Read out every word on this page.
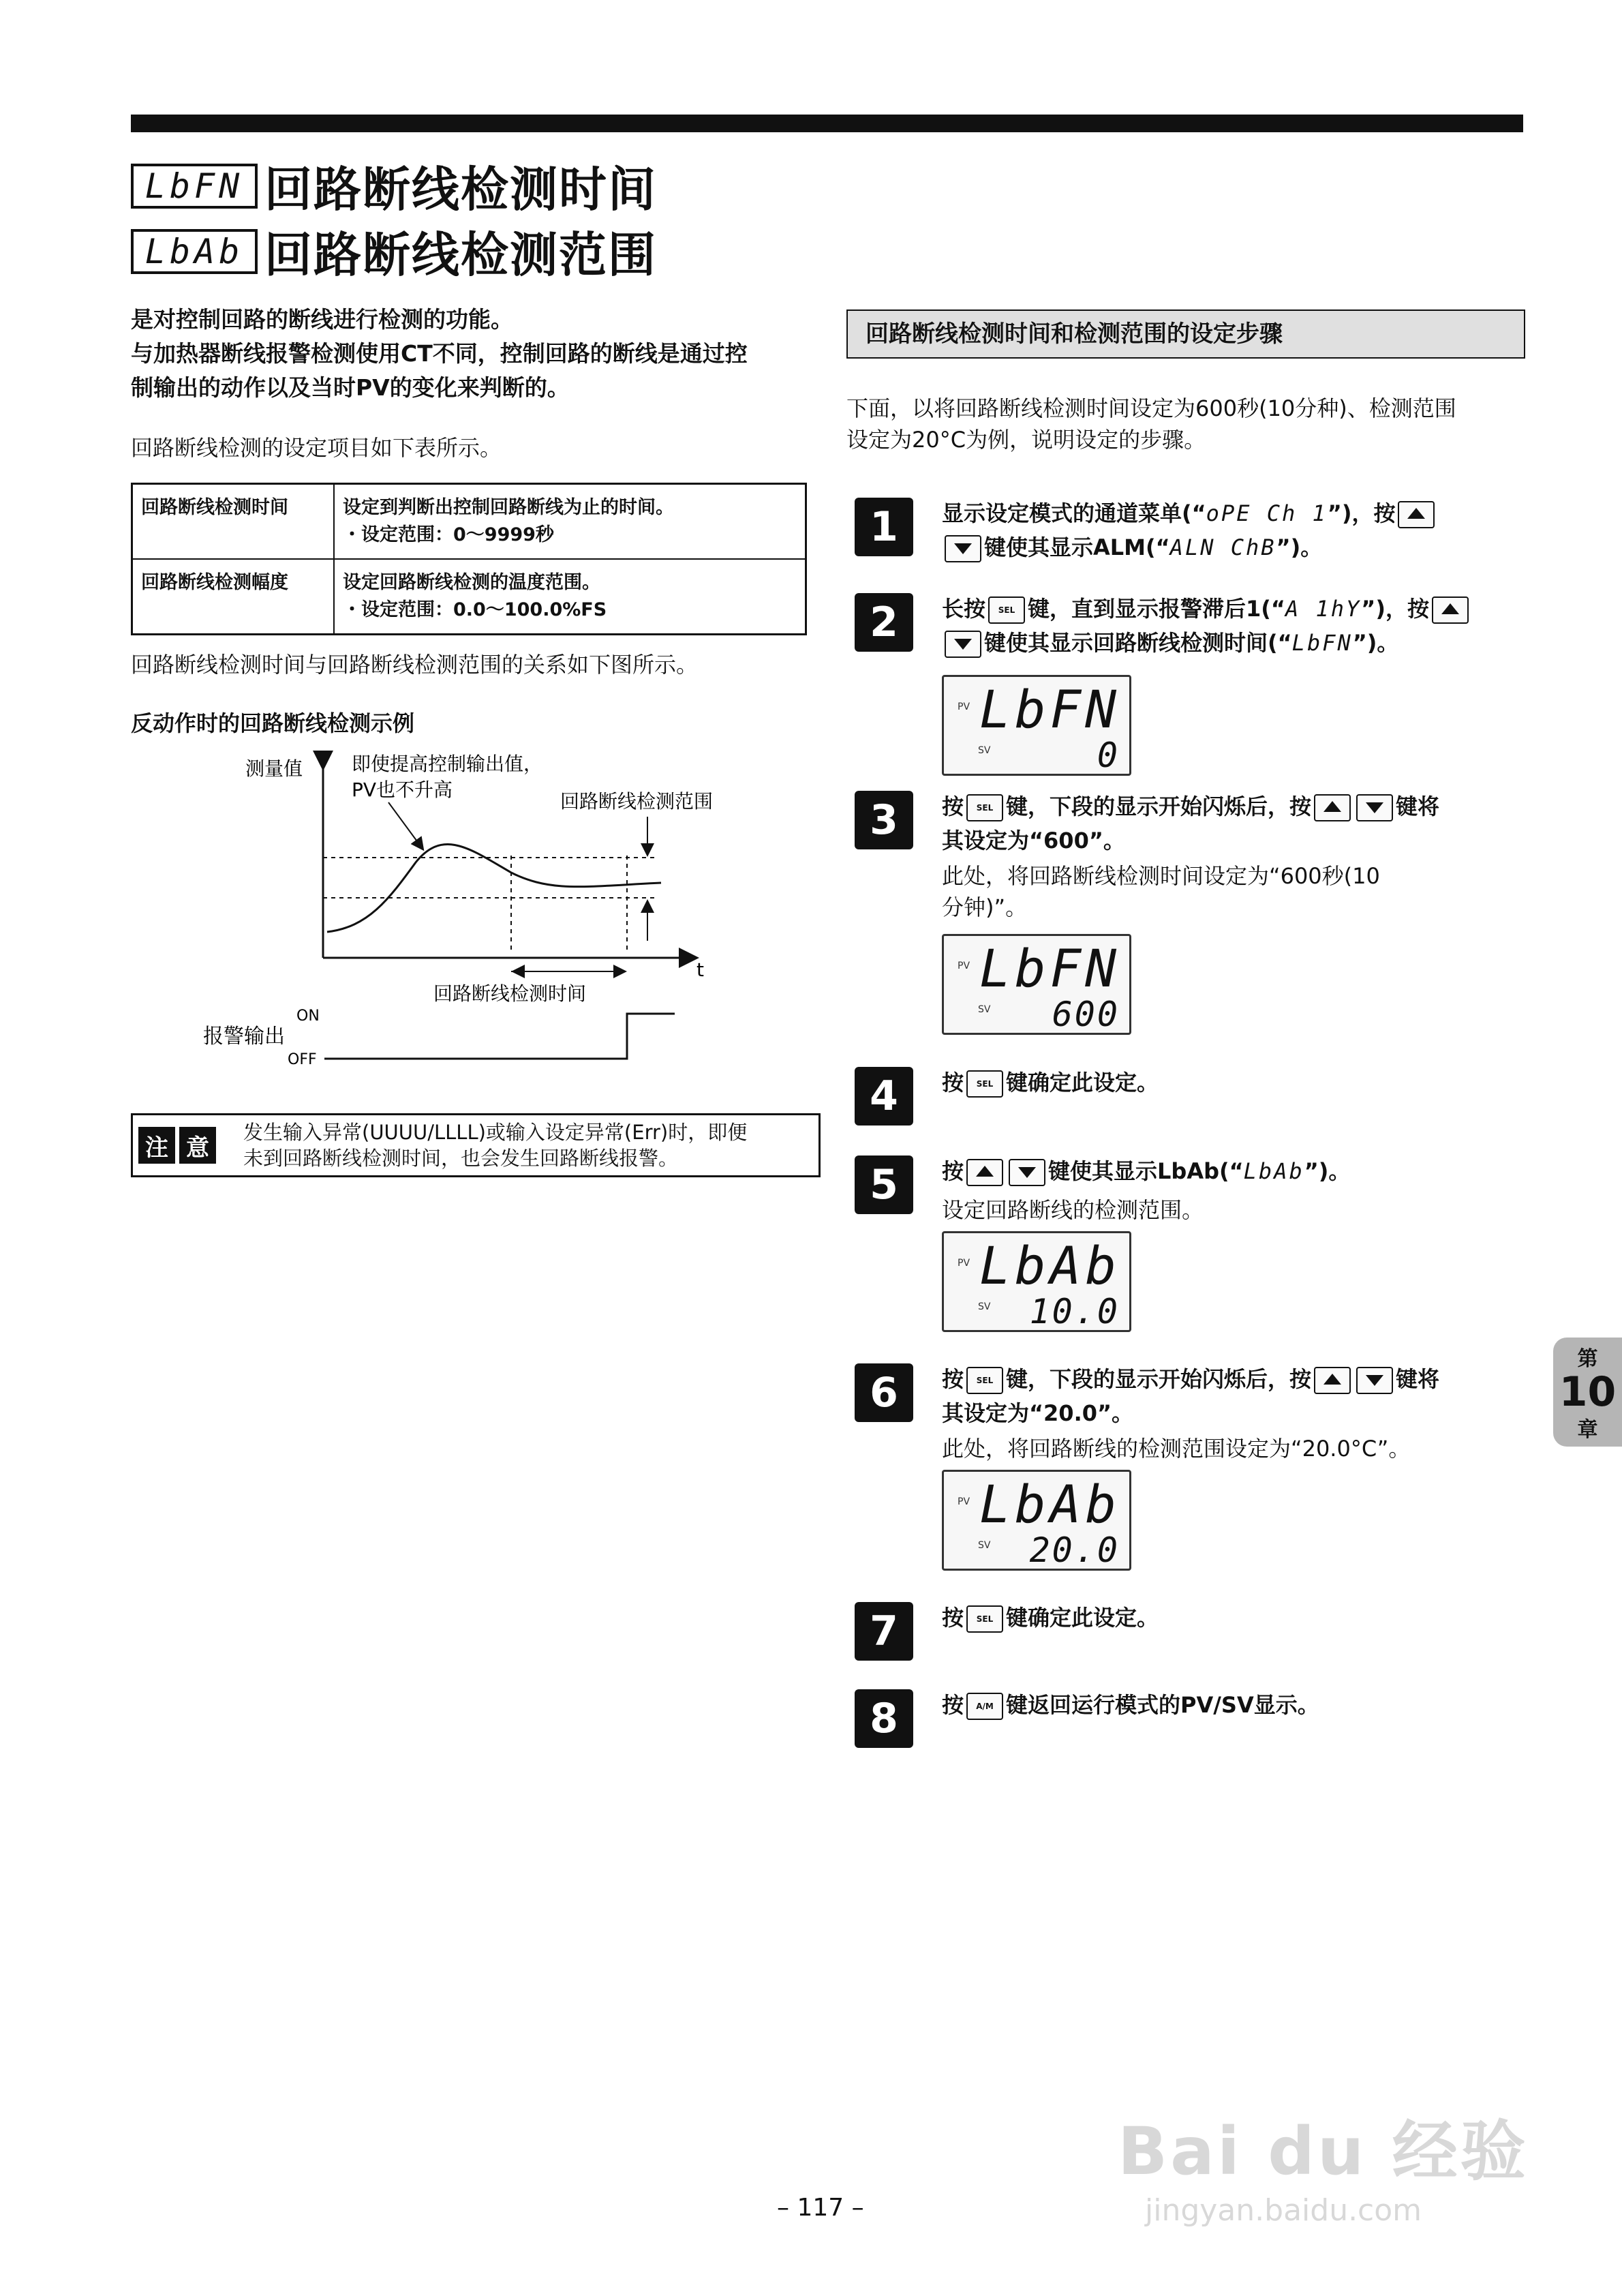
LbFN 回路断线检测时间
LbAb 回路断线检测范围

是对控制回路的断线进行检测的功能。

与加热器断线报警检测使用CT不同，控制回路的断线是通过控

制输出的动作以及当时PV的变化来判断的。

回路断线检测的设定项目如下表所示。
回路断线检测时间	设定到判断出控制回路断线为止的时间。
・设定范围：0～9999秒

回路断线检测幅度	设定回路断线检测的温度范围。
・设定范围：0.0～100.0%FS
回路断线检测时间与回路断线检测范围的关系如下图所示。
反动作时的回路断线检测示例
测量值	即使提高控制输出值，
PV也不升高
回路断线检测范围
t
回路断线检测时间
ON
OFF
报警输出
注 意
发生输入异常(UUUU/LLLL)或输入设定异常(Err)时，即便
未到回路断线检测时间，也会发生回路断线报警。
回路断线检测时间和检测范围的设定步骤
下面，以将回路断线检测时间设定为600秒(10分种)、检测范围
设定为20°C为例，说明设定的步骤。
1	显示设定模式的通道菜单(“oPE Ch 1”)，按

键使其显示ALM(“ALN ChB”)。
2	长按 SEL 键，直到显示报警滞后1(“A 1hY”)，按

键使其显示回路断线检测时间(“LbFN”)。
PV
SV
LbFN
0
3	按 SEL 键，下段的显示开始闪烁后，按	键将
其设定为“600”。
此处，将回路断线检测时间设定为“600秒(10
分钟)”。
PV
SV
LbFN
600
4	按 SEL 键确定此设定。
5	按	键使其显示LbAb(“LbAb”)。
设定回路断线的检测范围。
PV
SV
LbAb
10.0
6	按 SEL 键，下段的显示开始闪烁后，按	键将
其设定为“20.0”。
此处，将回路断线的检测范围设定为“20.0°C”。
PV
SV
LbAb
20.0
7	按 SEL 键确定此设定。
8	按 A/M 键返回运行模式的PV/SV显示。
第
10
章
Bai du 经验
jingyan.baidu.com
– 117 –
